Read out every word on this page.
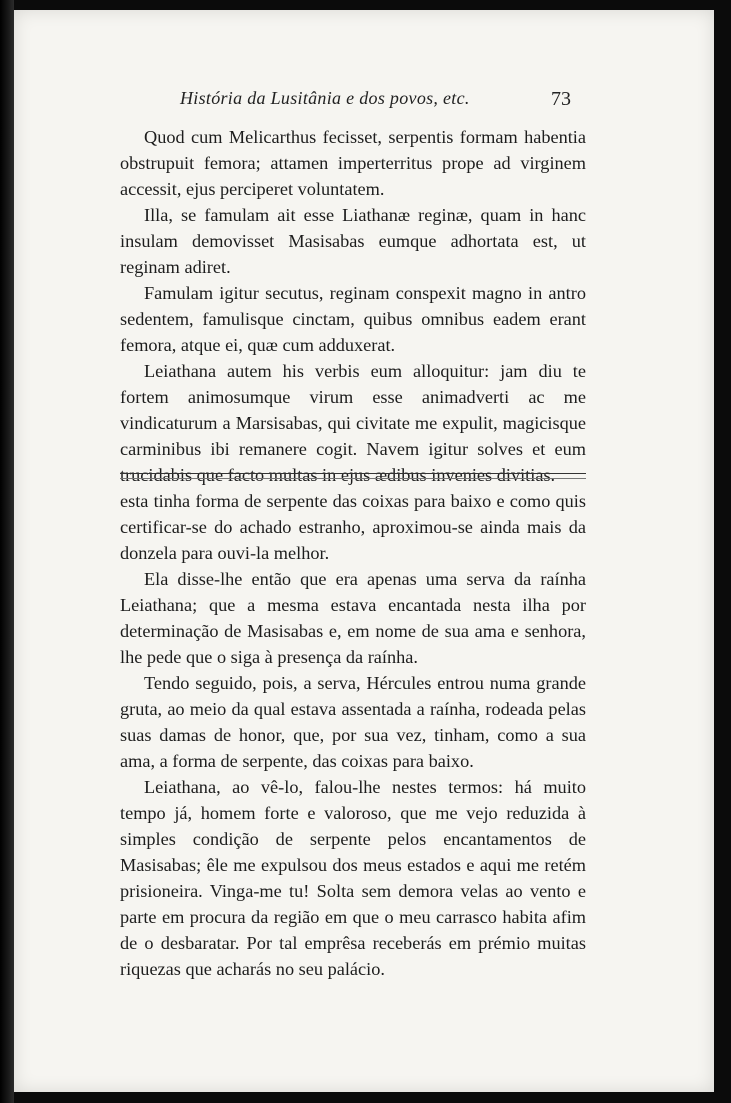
História da Lusitânia e dos povos, etc.	73

Quod cum Melicarthus fecisset, serpentis formam habentia obstrupuit femora; attamen imperterritus prope ad virginem accessit, ejus perciperet voluntatem.

Illa, se famulam ait esse Liathanæ reginæ, quam in hanc insulam demovisset Masisabas eumque adhortata est, ut reginam adiret.

Famulam igitur secutus, reginam conspexit magno in antro sedentem, famulisque cinctam, quibus omnibus eadem erant femora, atque ei, quæ cum adduxerat.

Leiathana autem his verbis eum alloquitur: jam diu te fortem animosumque virum esse animadverti ac me vindicaturum a Marsisabas, qui civitate me expulit, magicisque carminibus ibi remanere cogit. Navem igitur solves et eum trucidabis que facto multas in ejus ædibus invenies divitias.

esta tinha forma de serpente das coixas para baixo e como quis certificar-se do achado estranho, aproximou-se ainda mais da donzela para ouvi-la melhor.

Ela disse-lhe então que era apenas uma serva da raínha Leiathana; que a mesma estava encantada nesta ilha por determinação de Masisabas e, em nome de sua ama e senhora, lhe pede que o siga à presença da raínha.

Tendo seguido, pois, a serva, Hércules entrou numa grande gruta, ao meio da qual estava assentada a raínha, rodeada pelas suas damas de honor, que, por sua vez, tinham, como a sua ama, a forma de serpente, das coixas para baixo.

Leiathana, ao vê-lo, falou-lhe nestes termos: há muito tempo já, homem forte e valoroso, que me vejo reduzida à simples condição de serpente pelos encantamentos de Masisabas; êle me expulsou dos meus estados e aqui me retém prisioneira. Vinga-me tu! Solta sem demora velas ao vento e parte em procura da região em que o meu carrasco habita afim de o desbaratar. Por tal emprêsa receberás em prémio muitas riquezas que acharás no seu palácio.
